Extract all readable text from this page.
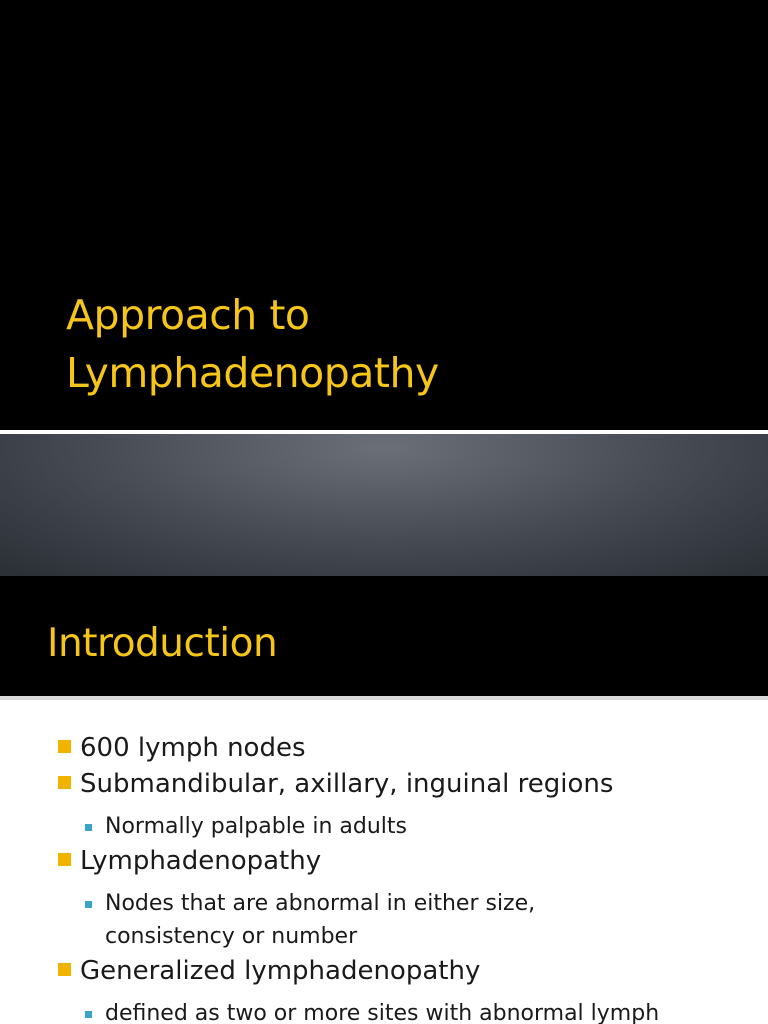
Approach to
Lymphadenopathy
Introduction
600 lymph nodes
Submandibular, axillary, inguinal regions
Normally palpable in adults
Lymphadenopathy
Nodes that are abnormal in either size,
consistency or number
Generalized lymphadenopathy
defined as two or more sites with abnormal lymph
